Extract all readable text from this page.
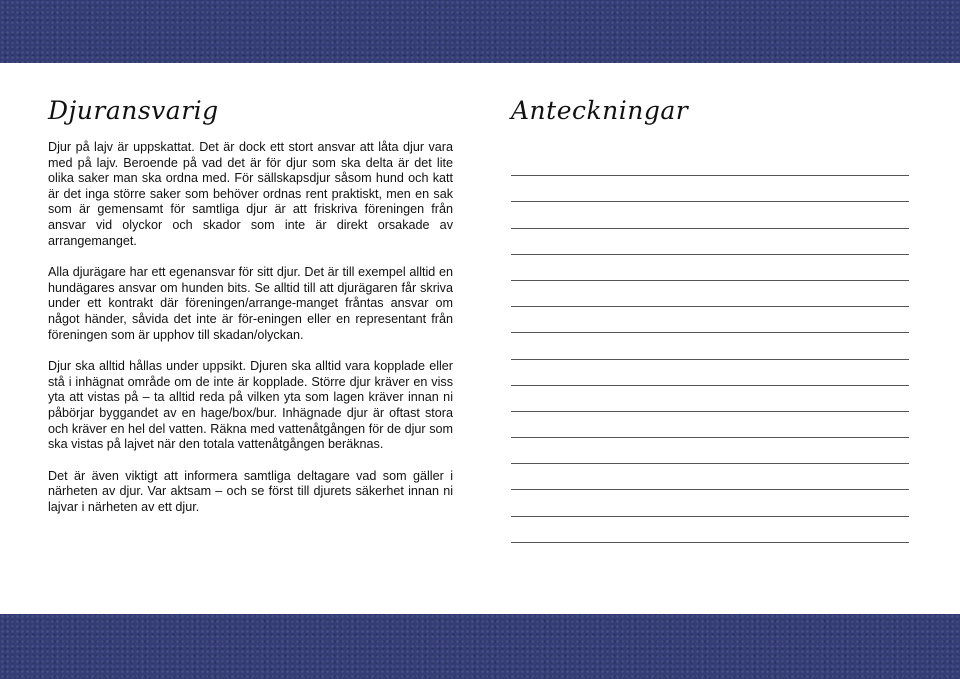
Djuransvarig

Djur på lajv är uppskattat. Det är dock ett stort ansvar att låta djur vara med på lajv. Beroende på vad det är för djur som ska delta är det lite olika saker man ska ordna med. För sällskapsdjur såsom hund och katt är det inga större saker som behöver ordnas rent praktiskt, men en sak som är gemensamt för samtliga djur är att friskriva föreningen från ansvar vid olyckor och skador som inte är direkt orsakade av arrangemanget.

Alla djurägare har ett egenansvar för sitt djur. Det är till exempel alltid en hundägares ansvar om hunden bits. Se alltid till att djurägaren får skriva under ett kontrakt där föreningen/arrange-manget fråntas ansvar om något händer, såvida det inte är för-eningen eller en representant från föreningen som är upphov till skadan/olyckan.

Djur ska alltid hållas under uppsikt. Djuren ska alltid vara kopplade eller stå i inhägnat område om de inte är kopplade. Större djur kräver en viss yta att vistas på – ta alltid reda på vilken yta som lagen kräver innan ni påbörjar byggandet av en hage/box/bur. Inhägnade djur är oftast stora och kräver en hel del vatten. Räkna med vattenåtgången för de djur som ska vistas på lajvet när den totala vattenåtgången beräknas.

Det är även viktigt att informera samtliga deltagare vad som gäller i närheten av djur. Var aktsam – och se först till djurets säkerhet innan ni lajvar i närheten av ett djur.

Anteckningar
